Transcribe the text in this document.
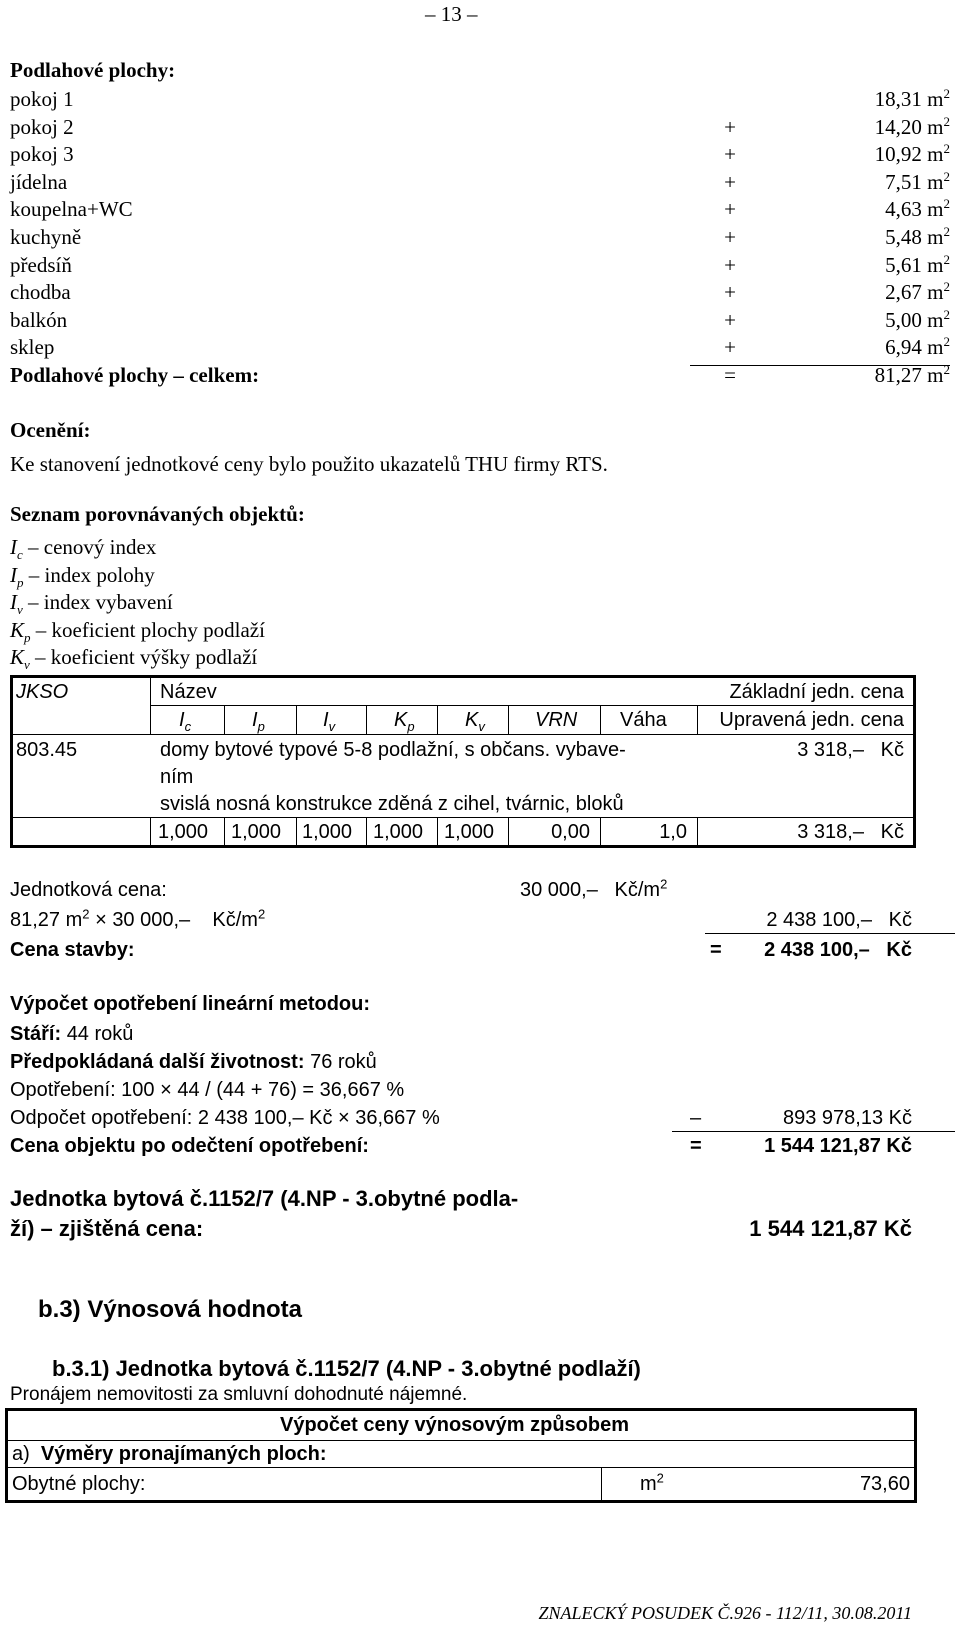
– 13 –
Podlahové plochy:
pokoj 1	18,31 $m^2$
pokoj 2	+	14,20 $m^2$
pokoj 3	+	10,92 $m^2$
jídelna	+	7,51 $m^2$
koupelna+WC	+	4,63 $m^2$
kuchyně	+	5,48 $m^2$
předsíň	+	5,61 $m^2$
chodba	+	2,67 $m^2$
balkón	+	5,00 $m^2$
sklep	+	6,94 $m^2$
Podlahové plochy – celkem:	=	81,27 $m^2$
Ocenění:
Ke stanovení jednotkové ceny bylo použito ukazatelů THU firmy RTS.
Seznam porovnávaných objektů:
$I_c$ – cenový index
$I_p$ – index polohy
$I_v$ – index vybavení
$K_p$ – koeficient plochy podlaží
$K_v$ – koeficient výšky podlaží
JKSO	Název	Základní jedn. cena
$I_c$	$I_p$	$I_v$	$K_p$	$K_v$	VRN Váha	Upravená jedn. cena
803.45	domy bytové typové 5-8 podlažní, s občans. vybave-	3 318,– Kč
ním
svislá nosná konstrukce zděná z cihel, tvárnic, bloků
1,000 1,000 1,000 1,000 1,000	0,00	1,0	3 318,– Kč
Jednotková cena:	30 000,– $Kč/m^2$
81,27 $m^2 \times 30$ 000,– $Kč/m^2$	2 438 100,– Kč
Cena stavby:	= 2 438 100,– Kč
Výpočet opotřebení lineární metodou:
Stáří: 44 roků
Předpokládaná další životnost: 76 roků
Opotřebení: 100 × 44 / (44 + 76) = 36,667 %
Odpočet opotřebení: 2 438 100,– Kč × 36,667 %	–	893 978,13 Kč
Cena objektu po odečtení opotřebení:	=	1 544 121,87 Kč
Jednotka bytová č.1152/7 (4.NP - 3.obytné podla-
ží) – zjištěná cena:	1 544 121,87 Kč
b.3) Výnosová hodnota
b.3.1) Jednotka bytová č.1152/7 (4.NP - 3.obytné podlaží)
Pronájem nemovitosti za smluvní dohodnuté nájemné.
Výpočet ceny výnosovým způsobem
a) Výměry pronajímaných ploch:
Obytné plochy:	$m^2$	73,60
ZNALECKÝ POSUDEK Č.926 - 112/11, 30.08.2011
